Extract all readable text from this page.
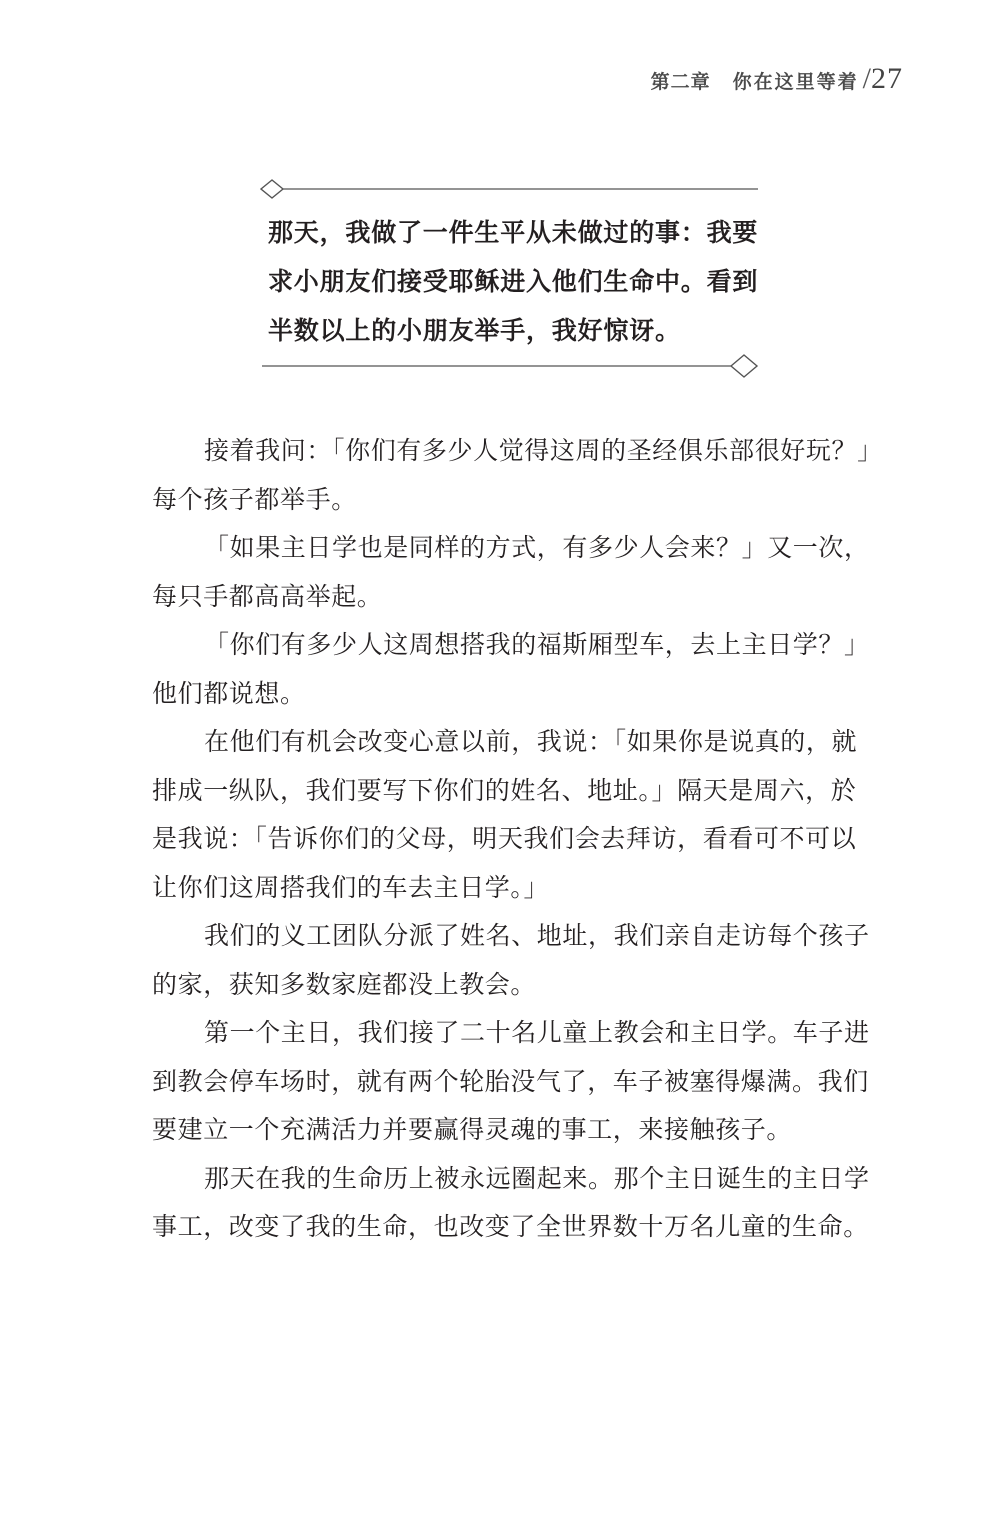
第二章 你在这里等着 / 27
那天，我做了一件生平从未做过的事：我要
求小朋友们接受耶稣进入他们生命中。看到
半数以上的小朋友举手，我好惊讶。

接着我问：「你们有多少人觉得这周的圣经俱乐部很好玩？」
每个孩子都举手。

「如果主日学也是同样的方式，有多少人会来？」又一次，
每只手都高高举起。

「你们有多少人这周想搭我的福斯厢型车，去上主日学？」
他们都说想。

在他们有机会改变心意以前，我说：「如果你是说真的，就
排成一纵队，我们要写下你们的姓名、地址。」隔天是周六，於
是我说：「告诉你们的父母，明天我们会去拜访，看看可不可以
让你们这周搭我们的车去主日学。」

我们的义工团队分派了姓名、地址，我们亲自走访每个孩子
的家，获知多数家庭都没上教会。

第一个主日，我们接了二十名儿童上教会和主日学。车子进
到教会停车场时，就有两个轮胎没气了，车子被塞得爆满。我们
要建立一个充满活力并要赢得灵魂的事工，来接触孩子。

那天在我的生命历上被永远圈起来。那个主日诞生的主日学
事工，改变了我的生命，也改变了全世界数十万名儿童的生命。
